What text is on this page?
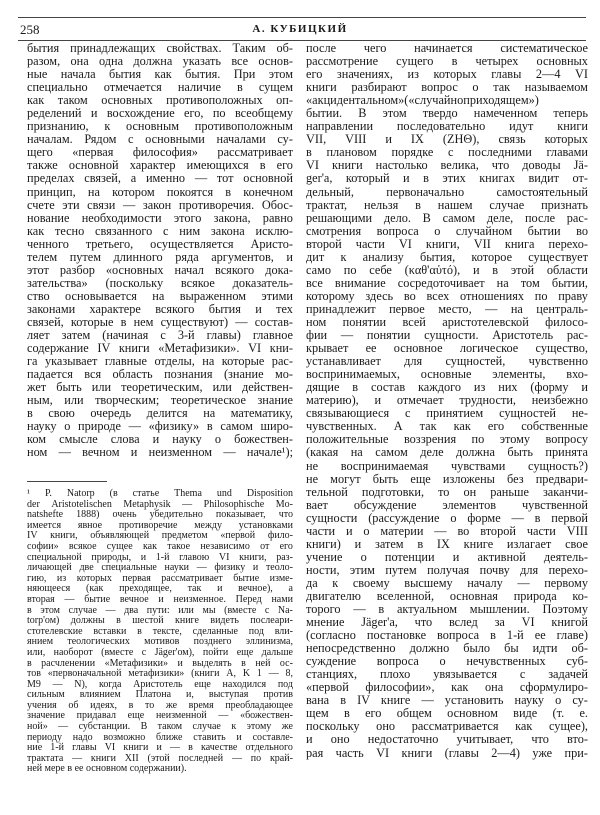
258	А. КУБИЦКИЙ
бытия принадлежащих свойствах. Таким об-
разом, она одна должна указать все основ-
ные начала бытия как бытия. При этом
специально отмечается наличие в сущем
как таком основных противоположных оп-
ределений и восхождение его, по всеобщему
признанию, к основным противоположным
началам. Рядом с основными началами су-
щего «первая философия» рассматривает
также основной характер имеющихся в его
пределах связей, а именно — тот основной
принцип, на котором покоятся в конечном
счете эти связи — закон противоречия. Обос-
нование необходимости этого закона, равно
как тесно связанного с ним закона исклю-
ченного третьего, осуществляется Аристо-
телем путем длинного ряда аргументов, и
этот разбор «основных начал всякого дока-
зательства» (поскольку всякое доказатель-
ство основывается на выраженном этими
законами характере всякого бытия и тех
связей, которые в нем существуют) — состав-
ляет затем (начиная с 3-й главы) главное
содержание IV книги «Метафизики». VI кни-
га указывает главные отделы, на которые рас-
падается вся область познания (знание мо-
жет быть или теоретическим, или действен-
ным, или творческим; теоретическое знание
в свою очередь делится на математику,
науку о природе — «физику» в самом широ-
ком смысле слова и науку о божествен-
ном — вечном и неизменном — начале¹);
¹ P. Natorp (в статье Thema und Disposition
der Aristotelischen Metaphysik — Philosophische Mo-
natshefte 1888) очень убедительно показывает, что
имеется явное противоречие между установками
IV книги, объявляющей предметом «первой фило-
софии» всякое сущее как такое независимо от его
специальной природы, и 1-й главою VI книги, раз-
личающей две специальные науки — физику и теоло-
гию, из которых первая рассматривает бытие изме-
няющееся (как преходящее, так и вечное), а
вторая — бытие вечное и неизменное. Перед нами
в этом случае — два пути: или мы (вместе с Na-
torp'ом) должны в шестой книге видеть послеари-
стотелевские вставки в тексте, сделанные под вли-
янием теологических мотивов позднего эллинизма,
или, наоборот (вместе с Jäger'ом), пойти еще дальше
в расчленении «Метафизики» и выделять в ней ос-
тов «первоначальной метафизики» (книги A, K 1 — 8,
M9 — N), когда Аристотель еще находился под
сильным влиянием Платона и, выступая против
учения об идеях, в то же время преобладающее
значение придавал еще неизменной — «божествен-
ной» — субстанции. В таком случае к этому же
периоду надо возможно ближе ставить и составле-
ние 1-й главы VI книги и — в качестве отдельного
трактата — книги XII (этой последней — по край-
ней мере в ее основном содержании).
после чего начинается систематическое
рассмотрение сущего в четырех основных
его значениях, из которых главы 2—4 VI
книги разбирают вопрос о так называемом
«акцидентальном»(«случайноприходящем»)
бытии. В этом твердо намеченном теперь
направлении последовательно идут книги
VII, VIII и IX (ZHΘ), связь которых
в плановом порядке с последними главами
VI книги настолько велика, что доводы Jä-
ger'а, который и в этих книгах видит от-
дельный, первоначально самостоятельный
трактат, нельзя в нашем случае признать
решающими дело. В самом деле, после рас-
смотрения вопроса о случайном бытии во
второй части VI книги, VII книга перехо-
дит к анализу бытия, которое существует
само по себе (καθ'αὑτό), и в этой области
все внимание сосредоточивает на том бытии,
которому здесь во всех отношениях по праву
принадлежит первое место, — на централь-
ном понятии всей аристотелевской филосо-
фии — понятии сущности. Аристотель рас-
крывает ее основное логическое существо,
устанавливает для сущностей, чувственно
воспринимаемых, основные элементы, вхо-
дящие в состав каждого из них (форму и
материю), и отмечает трудности, неизбежно
связывающиеся с принятием сущностей не-
чувственных. А так как его собственные
положительные воззрения по этому вопросу
(какая на самом деле должна быть принята
не воспринимаемая чувствами сущность?)
не могут быть еще изложены без предвари-
тельной подготовки, то он раньше заканчи-
вает обсуждение элементов чувственной
сущности (рассуждение о форме — в первой
части и о материи — во второй части VIII
книги) и затем в IX книге излагает свое
учение о потенции и активной деятель-
ности, этим путем получая почву для перехо-
да к своему высшему началу — первому
двигателю вселенной, основная природа ко-
торого — в актуальном мышлении. Поэтому
мнение Jäger'а, что вслед за VI книгой
(согласно постановке вопроса в 1-й ее главе)
непосредственно должно было бы идти об-
суждение вопроса о нечувственных суб-
станциях, плохо увязывается с задачей
«первой философии», как она сформулиро-
вана в IV книге — установить науку о су-
щем в его общем основном виде (т. е.
поскольку оно рассматривается как сущее),
и оно недостаточно учитывает, что вто-
рая часть VI книги (главы 2—4) уже при-
